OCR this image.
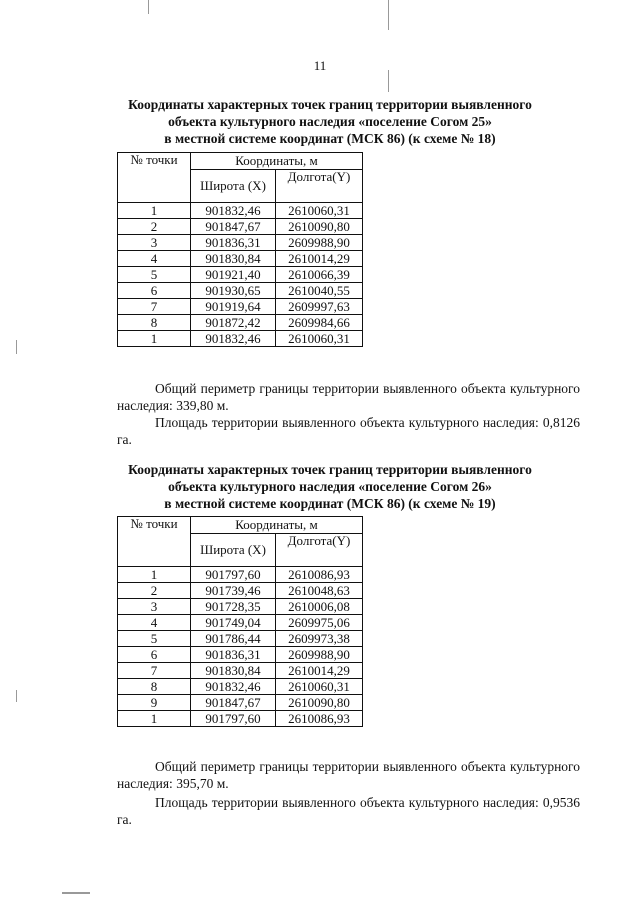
11
Координаты характерных точек границ территории выявленного
объекта культурного наследия «поселение Согом 25»
в местной системе координат (МСК 86) (к схеме № 18)
№ точки	Координаты, м	
	Широта (X)	Долгота(Y)
1	901832,46	2610060,31
2	901847,67	2610090,80
3	901836,31	2609988,90
4	901830,84	2610014,29
5	901921,40	2610066,39
6	901930,65	2610040,55
7	901919,64	2609997,63
8	901872,42	2609984,66
1	901832,46	2610060,31
Общий периметр границы территории выявленного объекта культурного наследия: 339,80 м.
Площадь территории выявленного объекта культурного наследия: 0,8126 га.
Координаты характерных точек границ территории выявленного
объекта культурного наследия «поселение Согом 26»
в местной системе координат (МСК 86) (к схеме № 19)
№ точки	Координаты, м	
	Широта (X)	Долгота(Y)
1	901797,60	2610086,93
2	901739,46	2610048,63
3	901728,35	2610006,08
4	901749,04	2609975,06
5	901786,44	2609973,38
6	901836,31	2609988,90
7	901830,84	2610014,29
8	901832,46	2610060,31
9	901847,67	2610090,80
1	901797,60	2610086,93
Общий периметр границы территории выявленного объекта культурного наследия: 395,70 м.
Площадь территории выявленного объекта культурного наследия: 0,9536 га.
